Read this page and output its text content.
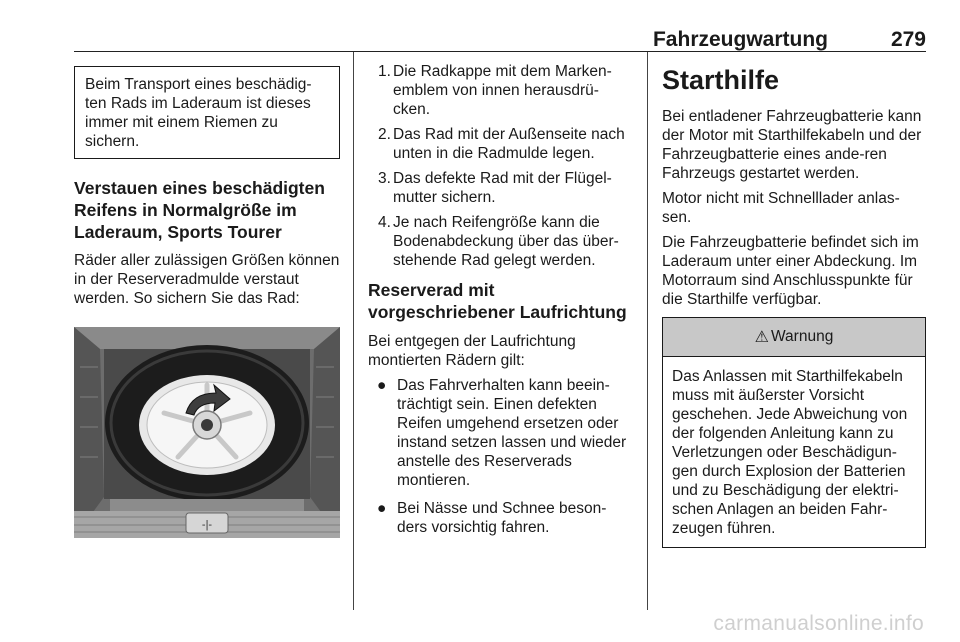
Fahrzeugwartung	279

Beim Transport eines beschädig- ten Rads im Laderaum ist dieses immer mit einem Riemen zu sichern.

Verstauen eines beschädigten Reifens in Normalgröße im Laderaum, Sports Tourer

Räder aller zulässigen Größen können in der Reserveradmulde verstaut werden. So sichern Sie das Rad:

-|-
1. Die Radkappe mit dem Marken-emblem von innen herausdrü-cken.
2. Das Rad mit der Außenseite nach unten in die Radmulde legen.
3. Das defekte Rad mit der Flügel-mutter sichern.
4. Je nach Reifengröße kann die Bodenabdeckung über das über-stehende Rad gelegt werden.
Reserverad mit vorgeschriebener Laufrichtung

Bei entgegen der Laufrichtung montierten Rädern gilt:

● Das Fahrverhalten kann beein-trächtigt sein. Einen defekten Reifen umgehend ersetzen oder instand setzen lassen und wieder anstelle des Reserverads montieren.
● Bei Nässe und Schnee beson-ders vorsichtig fahren.
Starthilfe

Bei entladener Fahrzeugbatterie kann der Motor mit Starthilfekabeln und der Fahrzeugbatterie eines ande-ren Fahrzeugs gestartet werden.

Motor nicht mit Schnelllader anlas-sen.

Die Fahrzeugbatterie befindet sich im Laderaum unter einer Abdeckung. Im Motorraum sind Anschlusspunkte für die Starthilfe verfügbar.

⚠ Warnung
Das Anlassen mit Starthilfekabeln muss mit äußerster Vorsicht geschehen. Jede Abweichung von der folgenden Anleitung kann zu Verletzungen oder Beschädigun-gen durch Explosion der Batterien und zu Beschädigung der elektri-schen Anlagen an beiden Fahr-zeugen führen.
carmanualsonline.info
